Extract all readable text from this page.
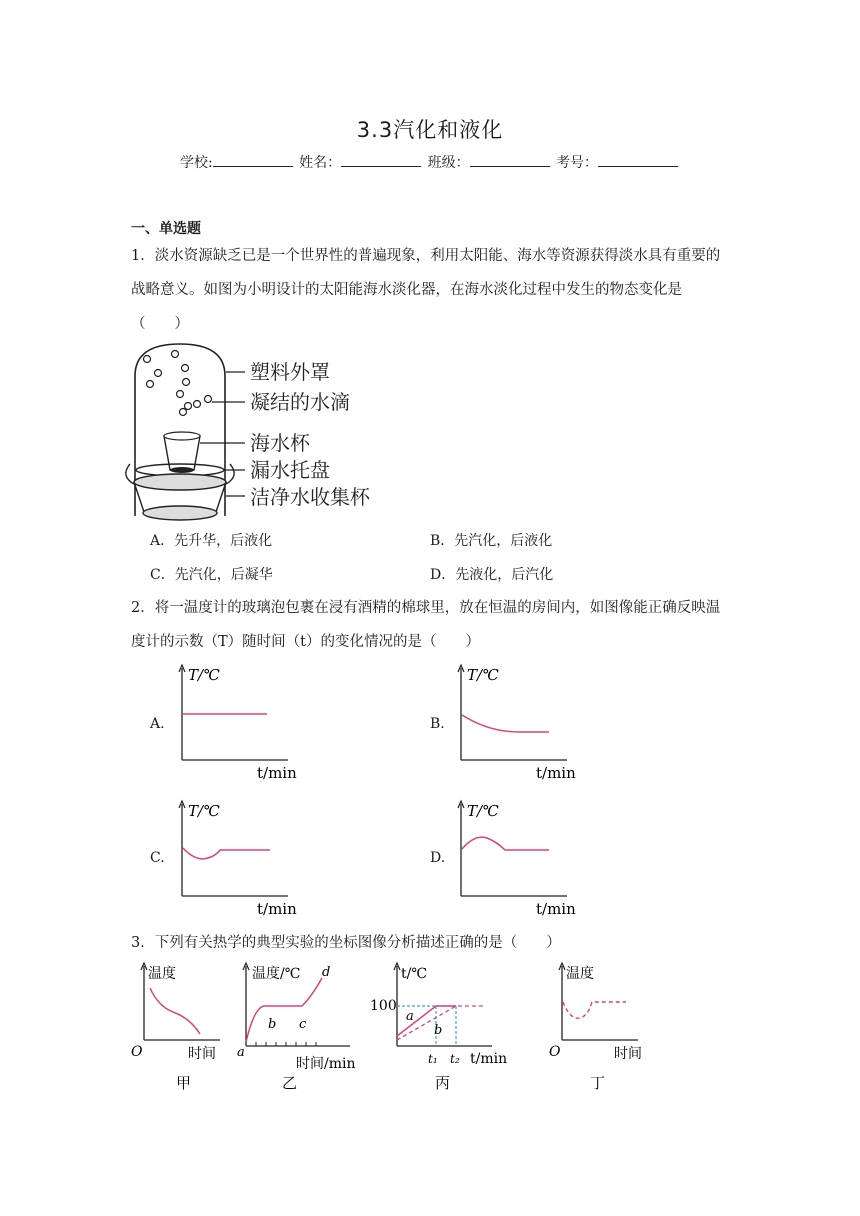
3.3汽化和液化
学校:	姓名：	班级：	考号：
一、单选题
1．淡水资源缺乏已是一个世界性的普遍现象，利用太阳能、海水等资源获得淡水具有重要的战略意义。如图为小明设计的太阳能海水淡化器，在海水淡化过程中发生的物态变化是（　　）
塑料外罩
凝结的水滴
海水杯
漏水托盘
洁净水收集杯
A．先升华，后液化	B．先汽化，后液化
C．先汽化，后凝华	D．先液化，后汽化
2．将一温度计的玻璃泡包裹在浸有酒精的棉球里，放在恒温的房间内，如图像能正确反映温度计的示数（T）随时间（t）的变化情况的是（　　）
A.	B.
C.	D.
T/℃
t/min
T/℃
t/min
T/℃
t/min
T/℃
t/min
3．下列有关热学的典型实验的坐标图像分析描述正确的是（　　）
温度
O	时间
甲
温度/℃
时间/min
a
b c
d
乙
t/℃
100
a
b
t₁ t₂ t/min
丙
温度
O	时间
丁
